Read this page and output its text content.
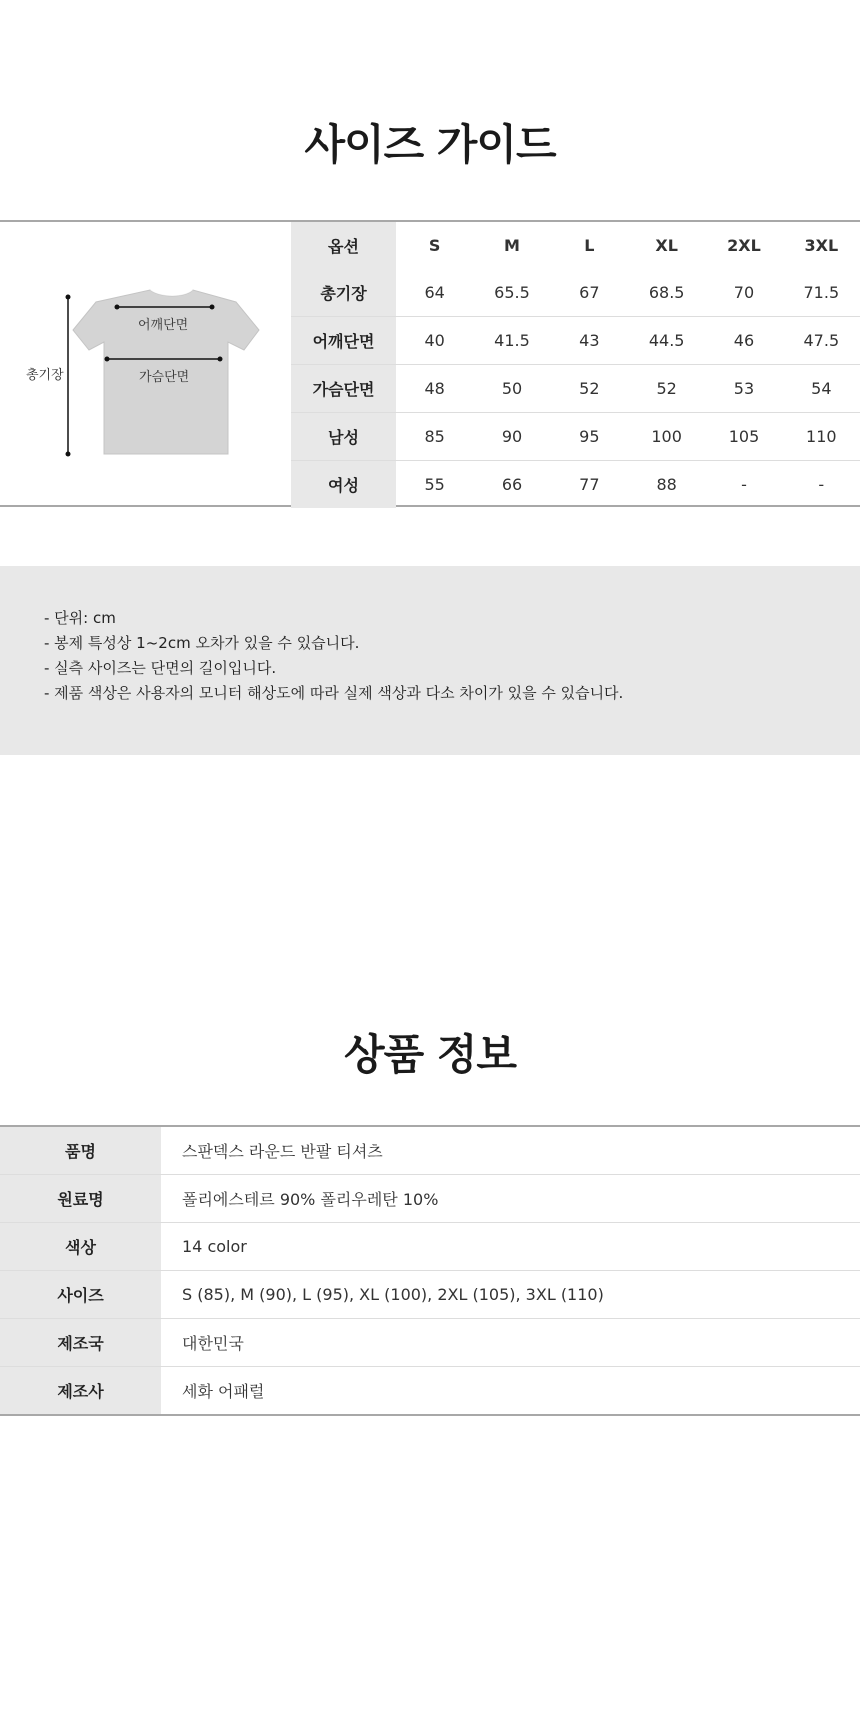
사이즈 가이드
총기장
어깨단면
가슴단면
옵션	S	M	L	XL	2XL	3XL
총기장	64	65.5	67	68.5	70	71.5
어깨단면	40	41.5	43	44.5	46	47.5
가슴단면	48	50	52	52	53	54
남성	85	90	95	100	105	110
여성	55	66	77	88	-	-
- 단위: cm
- 봉제 특성상 1~2cm 오차가 있을 수 있습니다.
- 실측 사이즈는 단면의 길이입니다.
- 제품 색상은 사용자의 모니터 해상도에 따라 실제 색상과 다소 차이가 있을 수 있습니다.
상품 정보
품명	스판덱스 라운드 반팔 티셔츠
원료명	폴리에스테르 90% 폴리우레탄 10%
색상	14 color
사이즈	S (85), M (90), L (95), XL (100), 2XL (105), 3XL (110)
제조국	대한민국
제조사	세화 어패럴
